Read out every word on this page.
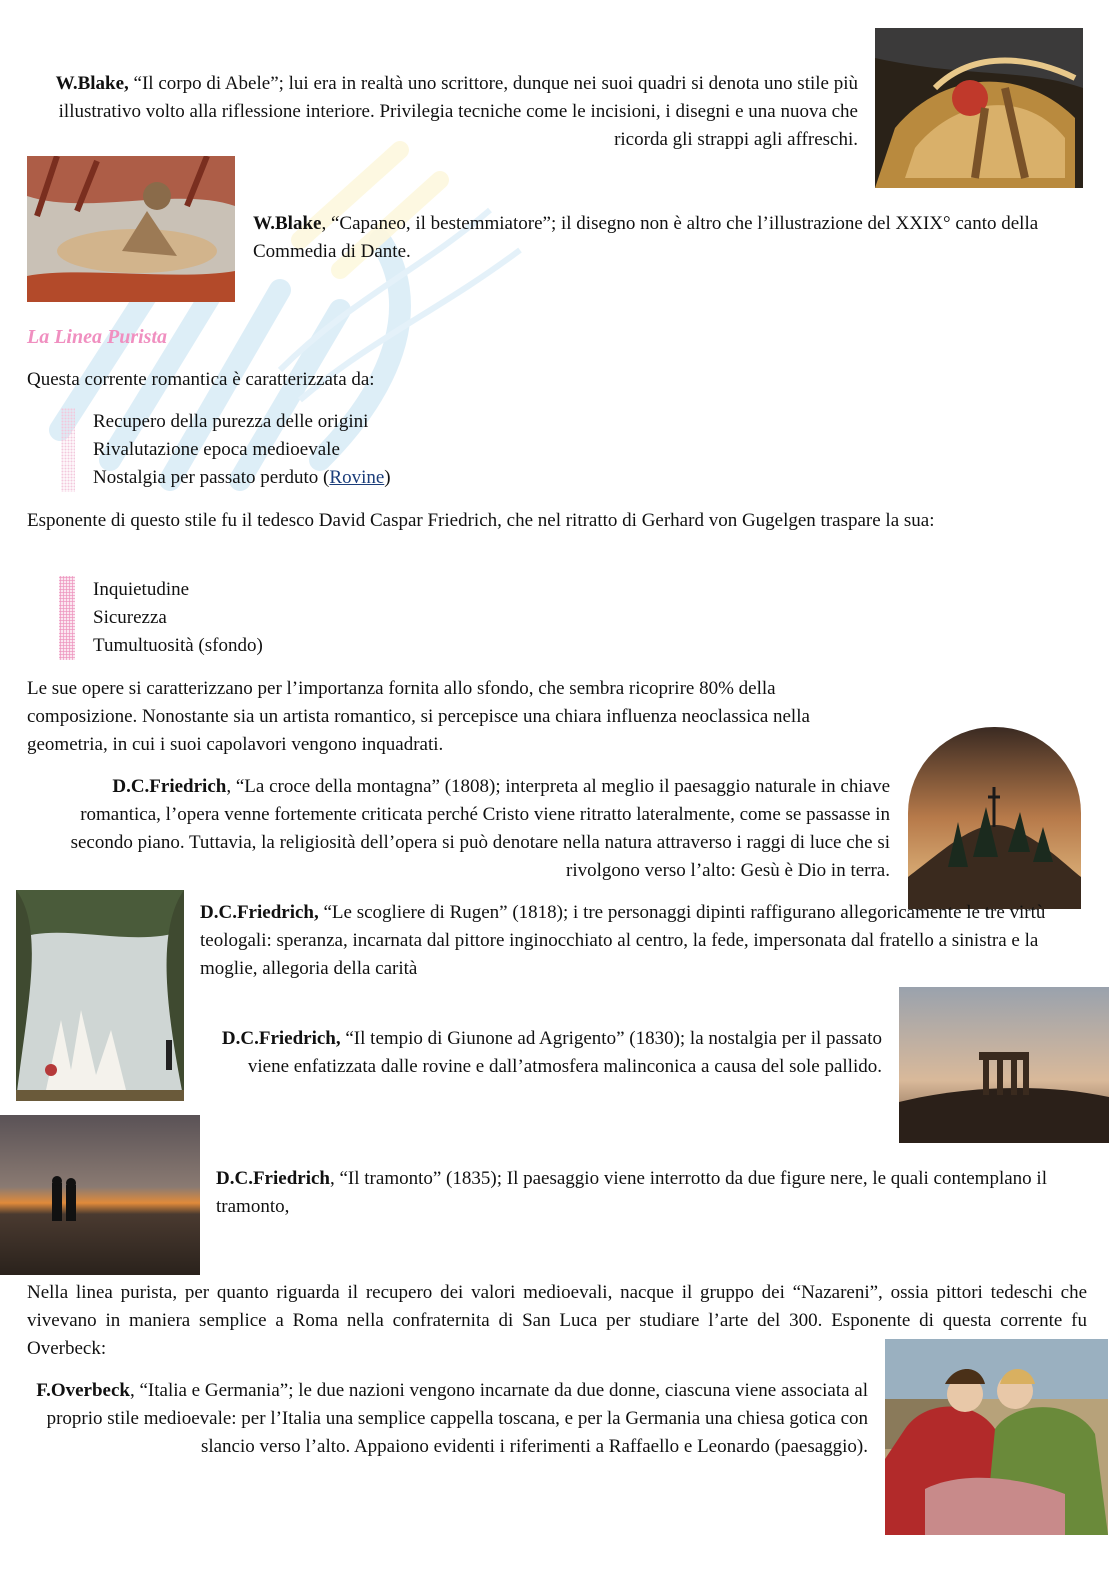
W.Blake, “Il corpo di Abele”; lui era in realtà uno scrittore, dunque nei suoi quadri si denota uno stile più illustrativo volto alla riflessione interiore. Privilegia tecniche come le incisioni, i disegni e una nuova che ricorda gli strappi agli affreschi.

W.Blake, “Capaneo, il bestemmiatore”; il disegno non è altro che l’illustrazione del XXIX° canto della Commedia di Dante.

La Linea Purista

Questa corrente romantica è caratterizzata da:

Recupero della purezza delle origini
Rivalutazione epoca medioevale
Nostalgia per passato perduto (Rovine)

Esponente di questo stile fu il tedesco David Caspar Friedrich, che nel ritratto di Gerhard von Gugelgen traspare la sua:

Inquietudine
Sicurezza
Tumultuosità (sfondo)

Le sue opere si caratterizzano per l’importanza fornita allo sfondo, che sembra ricoprire 80% della composizione. Nonostante sia un artista romantico, si percepisce una chiara influenza neoclassica nella geometria, in cui i suoi capolavori vengono inquadrati.

D.C.Friedrich, “La croce della montagna” (1808); interpreta al meglio il paesaggio naturale in chiave romantica, l’opera venne fortemente criticata perché Cristo viene ritratto lateralmente, come se passasse in secondo piano. Tuttavia, la religiosità dell’opera si può denotare nella natura attraverso i raggi di luce che si rivolgono verso l’alto: Gesù è Dio in terra.

D.C.Friedrich, “Le scogliere di Rugen” (1818); i tre personaggi dipinti raffigurano allegoricamente le tre virtù teologali: speranza, incarnata dal pittore inginocchiato al centro, la fede, impersonata dal fratello a sinistra e la moglie, allegoria della carità

D.C.Friedrich, “Il tempio di Giunone ad Agrigento” (1830); la nostalgia per il passato viene enfatizzata dalle rovine e dall’atmosfera malinconica a causa del sole pallido.

D.C.Friedrich, “Il tramonto” (1835); Il paesaggio viene interrotto da due figure nere, le quali contemplano il tramonto,

Nella linea purista, per quanto riguarda il recupero dei valori medioevali, nacque il gruppo dei “Nazareni”, ossia pittori tedeschi che vivevano in maniera semplice a Roma nella confraternita di San Luca per studiare l’arte del 300. Esponente di questa corrente fu Overbeck:

F.Overbeck, “Italia e Germania”; le due nazioni vengono incarnate da due donne, ciascuna viene associata al proprio stile medioevale: per l’Italia una semplice cappella toscana, e per la Germania una chiesa gotica con slancio verso l’alto. Appaiono evidenti i riferimenti a Raffaello e Leonardo (paesaggio).
